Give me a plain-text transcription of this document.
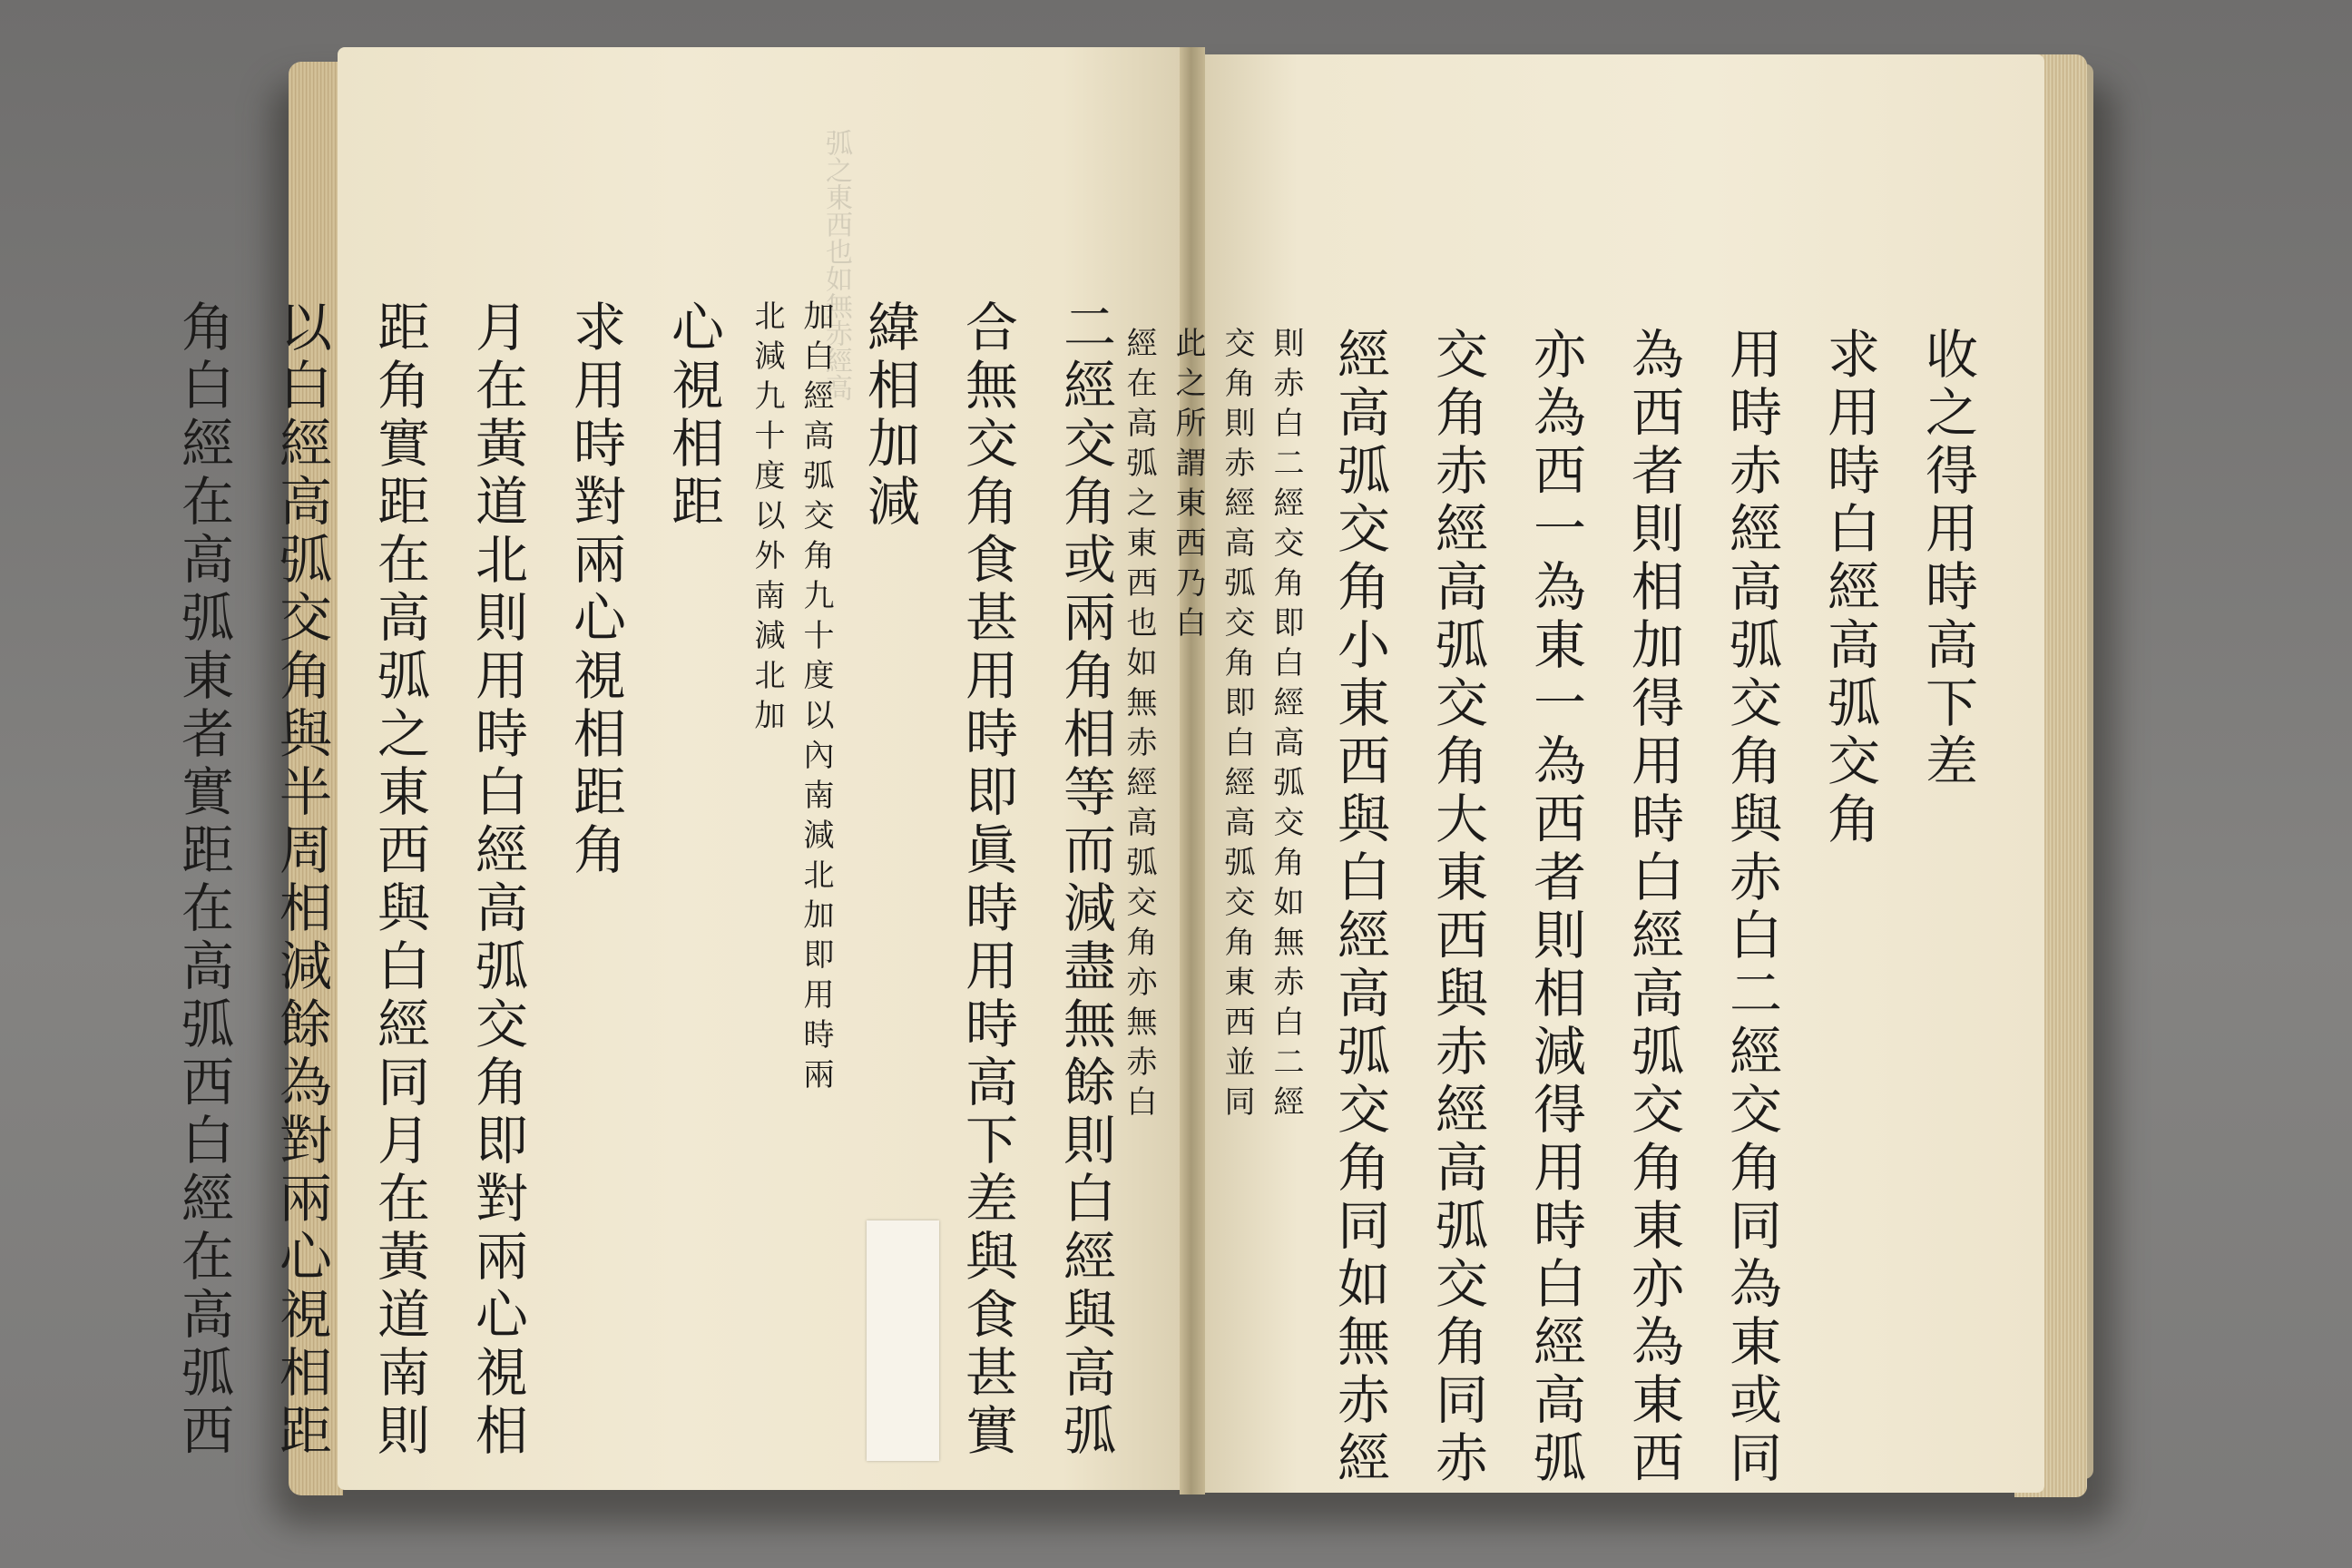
弧之東西也如無赤經高
二經交角或兩角相等而減盡無餘則白經與高弧
合無交角食甚用時即眞時用時高下差與食甚實
緯相加減
加白經高弧交角九十度以內南減北加即用時兩
北減九十度以外南減北加
心視相距
求用時對兩心視相距角
月在黃道北則用時白經高弧交角即對兩心視相
距角實距在高弧之東西與白經同月在黃道南則
以白經高弧交角與半周相減餘為對兩心視相距
角白經在高弧東者實距在高弧西白經在高弧西	收之得用時高下差
求用時白經高弧交角
用時赤經高弧交角與赤白二經交角同為東或同
為西者則相加得用時白經高弧交角東亦為東西
亦為西一為東一為西者則相減得用時白經高弧
交角赤經高弧交角大東西與赤經高弧交角同赤
經高弧交角小東西與白經高弧交角同如無赤經
則赤白二經交角即白經高弧交角如無赤白二經
交角則赤經高弧交角即白經高弧交角東西並同
此之所謂東西乃白
經在高弧之東西也如無赤經高弧交角亦無赤白
